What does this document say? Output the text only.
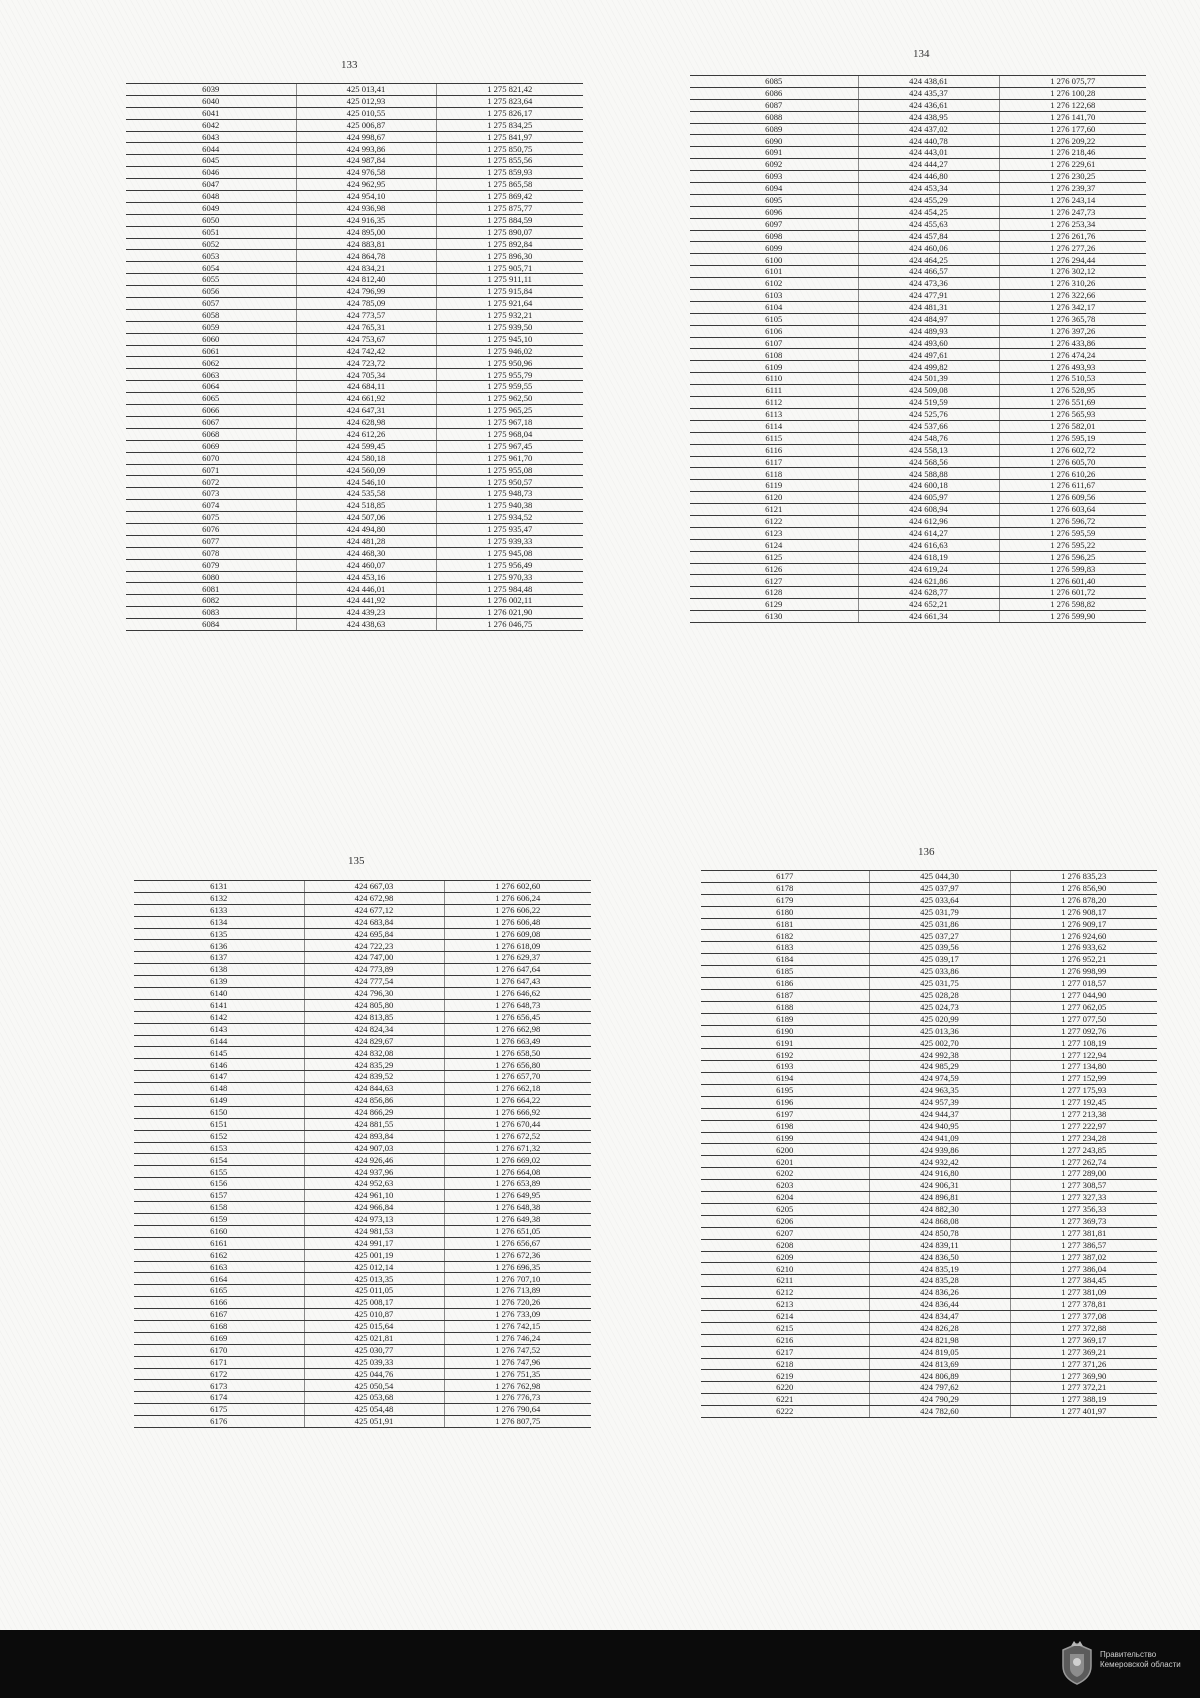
133
6039	425 013,41	1 275 821,42
6040	425 012,93	1 275 823,64
6041	425 010,55	1 275 826,17
6042	425 006,87	1 275 834,25
6043	424 998,67	1 275 841,97
6044	424 993,86	1 275 850,75
6045	424 987,84	1 275 855,56
6046	424 976,58	1 275 859,93
6047	424 962,95	1 275 865,58
6048	424 954,10	1 275 869,42
6049	424 936,98	1 275 875,77
6050	424 916,35	1 275 884,59
6051	424 895,00	1 275 890,07
6052	424 883,81	1 275 892,84
6053	424 864,78	1 275 896,30
6054	424 834,21	1 275 905,71
6055	424 812,40	1 275 911,11
6056	424 796,99	1 275 915,84
6057	424 785,09	1 275 921,64
6058	424 773,57	1 275 932,21
6059	424 765,31	1 275 939,50
6060	424 753,67	1 275 945,10
6061	424 742,42	1 275 946,02
6062	424 723,72	1 275 950,96
6063	424 705,34	1 275 955,79
6064	424 684,11	1 275 959,55
6065	424 661,92	1 275 962,50
6066	424 647,31	1 275 965,25
6067	424 628,98	1 275 967,18
6068	424 612,26	1 275 968,04
6069	424 599,45	1 275 967,45
6070	424 580,18	1 275 961,70
6071	424 560,09	1 275 955,08
6072	424 546,10	1 275 950,57
6073	424 535,58	1 275 948,73
6074	424 518,85	1 275 940,38
6075	424 507,06	1 275 934,52
6076	424 494,80	1 275 935,47
6077	424 481,28	1 275 939,33
6078	424 468,30	1 275 945,08
6079	424 460,07	1 275 956,49
6080	424 453,16	1 275 970,33
6081	424 446,01	1 275 984,48
6082	424 441,92	1 276 002,11
6083	424 439,23	1 276 021,90
6084	424 438,63	1 276 046,75
134
6085	424 438,61	1 276 075,77
6086	424 435,37	1 276 100,28
6087	424 436,61	1 276 122,68
6088	424 438,95	1 276 141,70
6089	424 437,02	1 276 177,60
6090	424 440,78	1 276 209,22
6091	424 443,01	1 276 218,46
6092	424 444,27	1 276 229,61
6093	424 446,80	1 276 230,25
6094	424 453,34	1 276 239,37
6095	424 455,29	1 276 243,14
6096	424 454,25	1 276 247,73
6097	424 455,63	1 276 253,34
6098	424 457,84	1 276 261,76
6099	424 460,06	1 276 277,26
6100	424 464,25	1 276 294,44
6101	424 466,57	1 276 302,12
6102	424 473,36	1 276 310,26
6103	424 477,91	1 276 322,66
6104	424 481,31	1 276 342,17
6105	424 484,97	1 276 365,78
6106	424 489,93	1 276 397,26
6107	424 493,60	1 276 433,86
6108	424 497,61	1 276 474,24
6109	424 499,82	1 276 493,93
6110	424 501,39	1 276 510,53
6111	424 509,08	1 276 528,95
6112	424 519,59	1 276 551,69
6113	424 525,76	1 276 565,93
6114	424 537,66	1 276 582,01
6115	424 548,76	1 276 595,19
6116	424 558,13	1 276 602,72
6117	424 568,56	1 276 605,70
6118	424 588,88	1 276 610,26
6119	424 600,18	1 276 611,67
6120	424 605,97	1 276 609,56
6121	424 608,94	1 276 603,64
6122	424 612,96	1 276 596,72
6123	424 614,27	1 276 595,59
6124	424 616,63	1 276 595,22
6125	424 618,19	1 276 596,25
6126	424 619,24	1 276 599,83
6127	424 621,86	1 276 601,40
6128	424 628,77	1 276 601,72
6129	424 652,21	1 276 598,82
6130	424 661,34	1 276 599,90
135
6131	424 667,03	1 276 602,60
6132	424 672,98	1 276 606,24
6133	424 677,12	1 276 606,22
6134	424 683,84	1 276 606,48
6135	424 695,84	1 276 609,08
6136	424 722,23	1 276 618,09
6137	424 747,00	1 276 629,37
6138	424 773,89	1 276 647,64
6139	424 777,54	1 276 647,43
6140	424 796,30	1 276 646,62
6141	424 805,80	1 276 648,73
6142	424 813,85	1 276 656,45
6143	424 824,34	1 276 662,98
6144	424 829,67	1 276 663,49
6145	424 832,08	1 276 658,50
6146	424 835,29	1 276 656,80
6147	424 839,52	1 276 657,70
6148	424 844,63	1 276 662,18
6149	424 856,86	1 276 664,22
6150	424 866,29	1 276 666,92
6151	424 881,55	1 276 670,44
6152	424 893,84	1 276 672,52
6153	424 907,03	1 276 671,32
6154	424 926,46	1 276 669,02
6155	424 937,96	1 276 664,08
6156	424 952,63	1 276 653,89
6157	424 961,10	1 276 649,95
6158	424 966,84	1 276 648,38
6159	424 973,13	1 276 649,38
6160	424 981,53	1 276 651,05
6161	424 991,17	1 276 656,67
6162	425 001,19	1 276 672,36
6163	425 012,14	1 276 696,35
6164	425 013,35	1 276 707,10
6165	425 011,05	1 276 713,89
6166	425 008,17	1 276 720,26
6167	425 010,87	1 276 733,09
6168	425 015,64	1 276 742,15
6169	425 021,81	1 276 746,24
6170	425 030,77	1 276 747,52
6171	425 039,33	1 276 747,96
6172	425 044,76	1 276 751,35
6173	425 050,54	1 276 762,98
6174	425 053,68	1 276 776,73
6175	425 054,48	1 276 790,64
6176	425 051,91	1 276 807,75
136
6177	425 044,30	1 276 835,23
6178	425 037,97	1 276 856,90
6179	425 033,64	1 276 878,20
6180	425 031,79	1 276 908,17
6181	425 031,86	1 276 909,17
6182	425 037,27	1 276 924,60
6183	425 039,56	1 276 933,62
6184	425 039,17	1 276 952,21
6185	425 033,86	1 276 998,99
6186	425 031,75	1 277 018,57
6187	425 028,28	1 277 044,90
6188	425 024,73	1 277 062,05
6189	425 020,99	1 277 077,50
6190	425 013,36	1 277 092,76
6191	425 002,70	1 277 108,19
6192	424 992,38	1 277 122,94
6193	424 985,29	1 277 134,80
6194	424 974,59	1 277 152,99
6195	424 963,35	1 277 175,93
6196	424 957,39	1 277 192,45
6197	424 944,37	1 277 213,38
6198	424 940,95	1 277 222,97
6199	424 941,09	1 277 234,28
6200	424 939,86	1 277 243,85
6201	424 932,42	1 277 262,74
6202	424 916,80	1 277 289,00
6203	424 906,31	1 277 308,57
6204	424 896,81	1 277 327,33
6205	424 882,30	1 277 356,33
6206	424 868,08	1 277 369,73
6207	424 850,78	1 277 381,81
6208	424 839,11	1 277 386,57
6209	424 836,50	1 277 387,02
6210	424 835,19	1 277 386,04
6211	424 835,28	1 277 384,45
6212	424 836,26	1 277 381,09
6213	424 836,44	1 277 378,81
6214	424 834,47	1 277 377,08
6215	424 826,28	1 277 372,88
6216	424 821,98	1 277 369,17
6217	424 819,05	1 277 369,21
6218	424 813,69	1 277 371,26
6219	424 806,89	1 277 369,90
6220	424 797,62	1 277 372,21
6221	424 790,29	1 277 388,19
6222	424 782,60	1 277 401,97
Правительство Кемеровской области
